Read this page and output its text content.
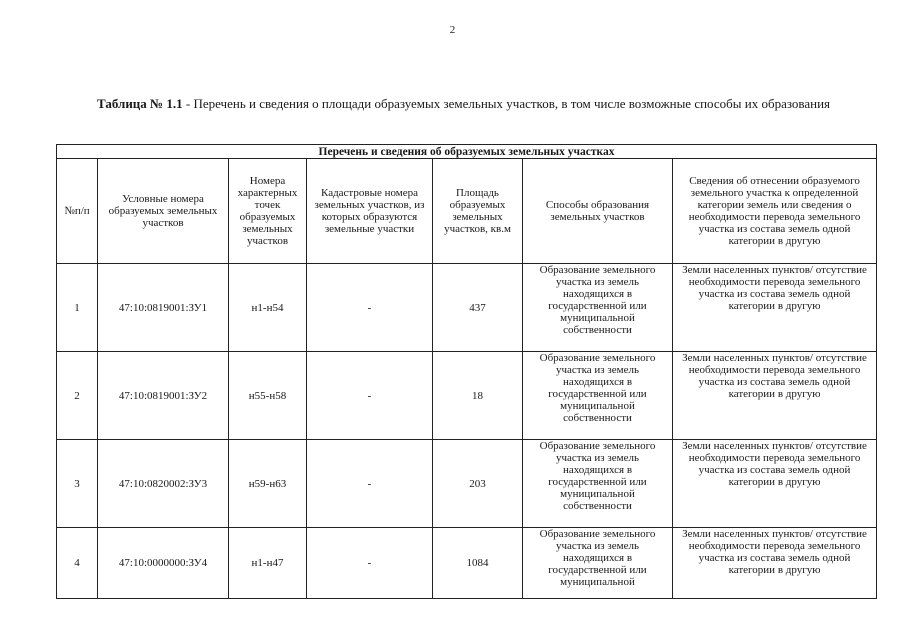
2
Таблица № 1.1 - Перечень и сведения о площади образуемых земельных участков, в том числе возможные способы их образования
Перечень и сведения об образуемых земельных участках						
№п/п	Условные номера образуемых земельных участков	Номера характерных точек образуемых земельных участков	Кадастровые номера земельных участков, из которых образуются земельные участки	Площадь образуемых земельных участков, кв.м	Способы образования земельных участков	Сведения об отнесении образуемого земельного участка к определенной категории земель или сведения о необходимости перевода земельного участка из состава земель одной категории в другую
1	47:10:0819001:ЗУ1	н1-н54	-	437	Образование земельного участка из земель находящихся в государственной или муниципальной собственности	Земли населенных пунктов/ отсутствие необходимости перевода земельного участка из состава земель одной категории в другую
2	47:10:0819001:ЗУ2	н55-н58	-	18	Образование земельного участка из земель находящихся в государственной или муниципальной собственности	Земли населенных пунктов/ отсутствие необходимости перевода земельного участка из состава земель одной категории в другую
3	47:10:0820002:ЗУ3	н59-н63	-	203	Образование земельного участка из земель находящихся в государственной или муниципальной собственности	Земли населенных пунктов/ отсутствие необходимости перевода земельного участка из состава земель одной категории в другую
4	47:10:0000000:ЗУ4	н1-н47	-	1084	Образование земельного участка из земель находящихся в государственной или муниципальной	Земли населенных пунктов/ отсутствие необходимости перевода земельного участка из состава земель одной категории в другую
